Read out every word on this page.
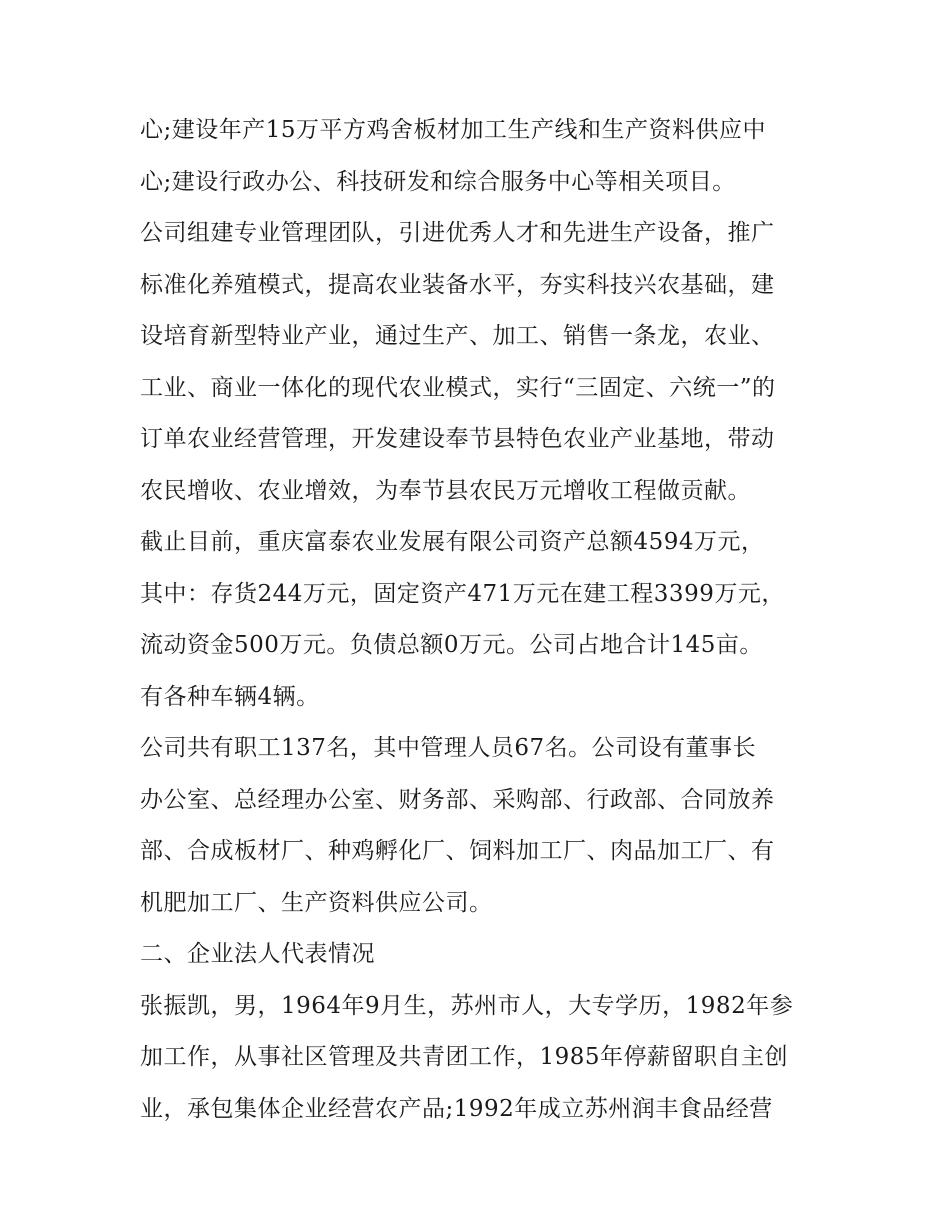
心;建设年产15万平方鸡舍板材加工生产线和生产资料供应中
心;建设行政办公、科技研发和综合服务中心等相关项目。
公司组建专业管理团队，引进优秀人才和先进生产设备，推广
标准化养殖模式，提高农业装备水平，夯实科技兴农基础，建
设培育新型特业产业，通过生产、加工、销售一条龙，农业、
工业、商业一体化的现代农业模式，实行“三固定、六统一”的
订单农业经营管理，开发建设奉节县特色农业产业基地，带动
农民增收、农业增效，为奉节县农民万元增收工程做贡献。
截止目前，重庆富泰农业发展有限公司资产总额4594万元，
其中：存货244万元，固定资产471万元在建工程3399万元，
流动资金500万元。负债总额0万元。公司占地合计145亩。
有各种车辆4辆。
公司共有职工137名，其中管理人员67名。公司设有董事长
办公室、总经理办公室、财务部、采购部、行政部、合同放养
部、合成板材厂、种鸡孵化厂、饲料加工厂、肉品加工厂、有
机肥加工厂、生产资料供应公司。
二、企业法人代表情况
张振凯，男，1964年9月生，苏州市人，大专学历，1982年参
加工作，从事社区管理及共青团工作，1985年停薪留职自主创
业，承包集体企业经营农产品;1992年成立苏州润丰食品经营
